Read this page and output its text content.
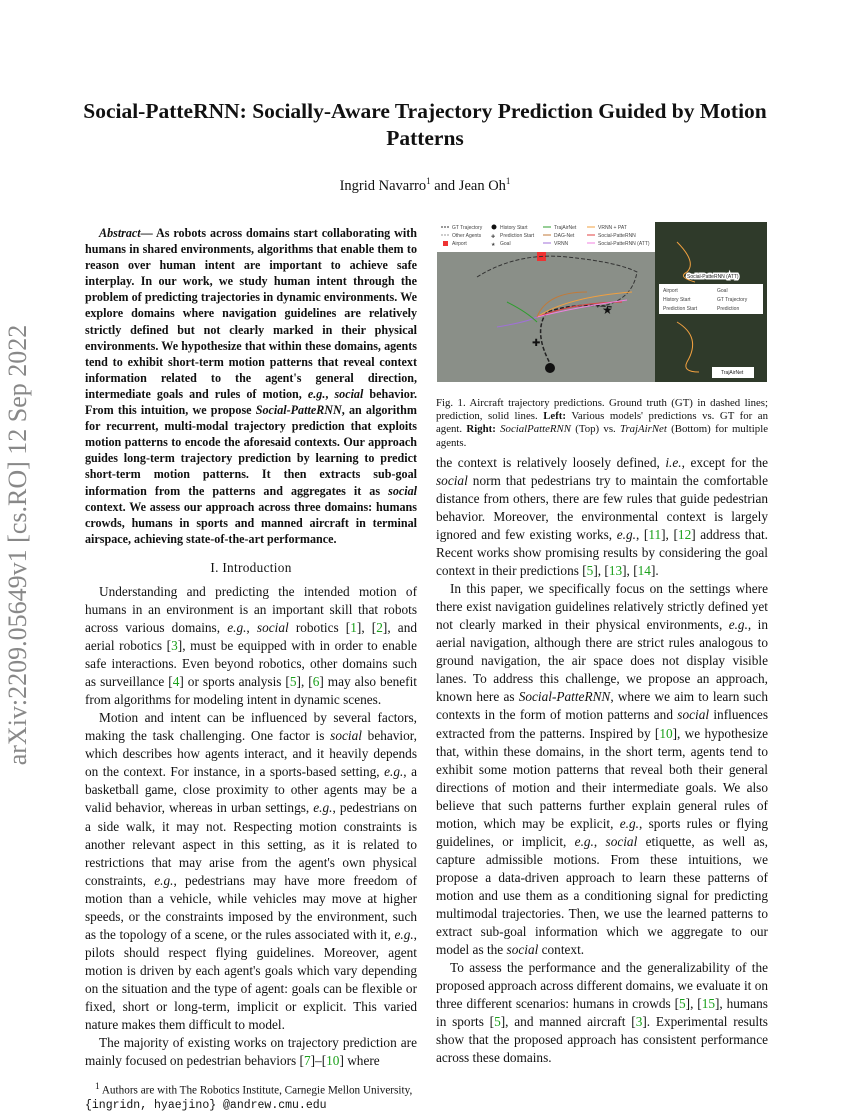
arXiv:2209.05649v1 [cs.RO] 12 Sep 2022
Social-PatteRNN: Socially-Aware Trajectory Prediction Guided by Motion Patterns
Ingrid Navarro$^1$ and Jean Oh$^1$

Abstract— As robots across domains start collaborating with humans in shared environments, algorithms that enable them to reason over human intent are important to achieve safe interplay. In our work, we study human intent through the problem of predicting trajectories in dynamic environments. We explore domains where navigation guidelines are relatively strictly defined but not clearly marked in their physical environments. We hypothesize that within these domains, agents tend to exhibit short-term motion patterns that reveal context information related to the agent's general direction, intermediate goals and rules of motion, e.g., social behavior. From this intuition, we propose Social-PatteRNN, an algorithm for recurrent, multi-modal trajectory prediction that exploits motion patterns to encode the aforesaid contexts. Our approach guides long-term trajectory prediction by learning to predict short-term motion patterns. It then extracts sub-goal information from the patterns and aggregates it as social context. We assess our approach across three domains: humans crowds, humans in sports and manned aircraft in terminal airspace, achieving state-of-the-art performance.

I. Introduction

Understanding and predicting the intended motion of humans in an environment is an important skill that robots across various domains, e.g., social robotics [1], [2], and aerial robotics [3], must be equipped with in order to enable safe interactions. Even beyond robotics, other domains such as surveillance [4] or sports analysis [5], [6] may also benefit from algorithms for modeling intent in dynamic scenes.

Motion and intent can be influenced by several factors, making the task challenging. One factor is social behavior, which describes how agents interact, and it heavily depends on the context. For instance, in a sports-based setting, e.g., a basketball game, close proximity to other agents may be a valid behavior, whereas in urban settings, e.g., pedestrians on a side walk, it may not. Respecting motion constraints is another relevant aspect in this setting, as it is related to restrictions that may arise from the agent's own physical constraints, e.g., pedestrians may have more freedom of motion than a vehicle, while vehicles may move at higher speeds, or the constraints imposed by the environment, such as the topology of a scene, or the rules associated with it, e.g., pilots should respect flying guidelines. Moreover, agent motion is driven by each agent's goals which vary depending on the situation and the type of agent: goals can be flexible or fixed, short or long-term, implicit or explicit. This varied nature makes them difficult to model.

The majority of existing works on trajectory prediction are mainly focused on pedestrian behaviors [7]–[10] where

$^1$ Authors are with The Robotics Institute, Carnegie Mellon University,
{ingridn, hyaejino} @andrew.cmu.edu

GT Trajectory
Other Agents
Airport
History Start
✚ Prediction Start
★ Goal
TrajAirNet
DAG-Net
VRNN
VRNN + PAT
Social-PatteRNN
Social-PatteRNN (ATT)
✚
★
Social-PatteRNN (ATT)
Airport
History Start
Prediction Start
Goal
GT Trajectory
Prediction
TrajAirNet
Fig. 1. Aircraft trajectory predictions. Ground truth (GT) in dashed lines; prediction, solid lines. Left: Various models' predictions vs. GT for an agent. Right: SocialPatteRNN (Top) vs. TrajAirNet (Bottom) for multiple agents.

the context is relatively loosely defined, i.e., except for the social norm that pedestrians try to maintain the comfortable distance from others, there are few rules that guide pedestrian behavior. Moreover, the environmental context is largely ignored and few existing works, e.g., [11], [12] address that. Recent works show promising results by considering the goal context in their predictions [5], [13], [14].

In this paper, we specifically focus on the settings where there exist navigation guidelines relatively strictly defined yet not clearly marked in their physical environments, e.g., in aerial navigation, although there are strict rules analogous to ground navigation, the air space does not display visible lanes. To address this challenge, we propose an approach, known here as Social-PatteRNN, where we aim to learn such contexts in the form of motion patterns and social influences extracted from the patterns. Inspired by [10], we hypothesize that, within these domains, in the short term, agents tend to exhibit some motion patterns that reveal both their general directions of motion and their intermediate goals. We also believe that such patterns further explain general rules of motion, which may be explicit, e.g., sports rules or flying guidelines, or implicit, e.g., social etiquette, as well as, capture admissible motions. From these intuitions, we propose a data-driven approach to learn these patterns of motion and use them as a conditioning signal for predicting multimodal trajectories. Then, we use the learned patterns to extract sub-goal information which we aggregate to our model as the social context.

To assess the performance and the generalizability of the proposed approach across different domains, we evaluate it on three different scenarios: humans in crowds [5], [15], humans in sports [5], and manned aircraft [3]. Experimental results show that the proposed approach has consistent performance across these domains.
